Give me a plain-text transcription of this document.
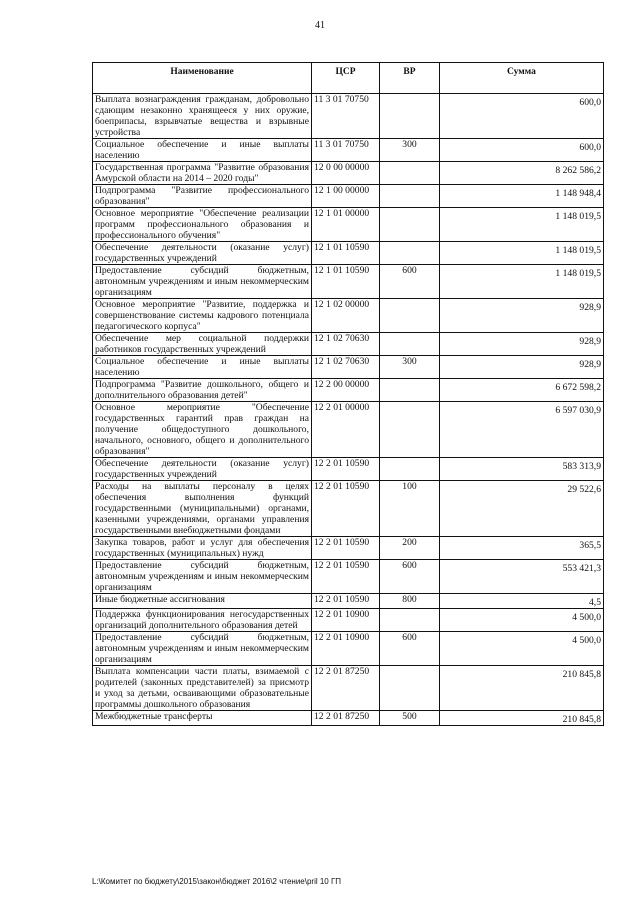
41
Наименование	ЦСР	ВР	Сумма
Выплата вознаграждения гражданам, добровольно сдающим незаконно хранящееся у них оружие, боеприпасы, взрывчатые вещества и взрывные устройства	11 3 01 70750		600,0
Социальное обеспечение и иные выплаты населению	11 3 01 70750	300	600,0
Государственная программа "Развитие образования Амурской области на 2014 – 2020 годы"	12 0 00 00000		8 262 586,2
Подпрограмма "Развитие профессионального образования"	12 1 00 00000		1 148 948,4
Основное мероприятие "Обеспечение реализации программ профессионального образования и профессионального обучения"	12 1 01 00000		1 148 019,5
Обеспечение деятельности (оказание услуг) государственных учреждений	12 1 01 10590		1 148 019,5
Предоставление субсидий бюджетным, автономным учреждениям и иным некоммерческим организациям	12 1 01 10590	600	1 148 019,5
Основное мероприятие "Развитие, поддержка и совершенствование системы кадрового потенциала педагогического корпуса"	12 1 02 00000		928,9
Обеспечение мер социальной поддержки работников государственных учреждений	12 1 02 70630		928,9
Социальное обеспечение и иные выплаты населению	12 1 02 70630	300	928,9
Подпрограмма "Развитие дошкольного, общего и дополнительного образования детей"	12 2 00 00000		6 672 598,2
Основное мероприятие "Обеспечение государственных гарантий прав граждан на получение общедоступного дошкольного, начального, основного, общего и дополнительного образования"	12 2 01 00000		6 597 030,9
Обеспечение деятельности (оказание услуг) государственных учреждений	12 2 01 10590		583 313,9
Расходы на выплаты персоналу в целях обеспечения выполнения функций государственными (муниципальными) органами, казенными учреждениями, органами управления государственными внебюджетными фондами	12 2 01 10590	100	29 522,6
Закупка товаров, работ и услуг для обеспечения государственных (муниципальных) нужд	12 2 01 10590	200	365,5
Предоставление субсидий бюджетным, автономным учреждениям и иным некоммерческим организациям	12 2 01 10590	600	553 421,3
Иные бюджетные ассигнования	12 2 01 10590	800	4,5
Поддержка функционирования негосударственных организаций дополнительного образования детей	12 2 01 10900		4 500,0
Предоставление субсидий бюджетным, автономным учреждениям и иным некоммерческим организациям	12 2 01 10900	600	4 500,0
Выплата компенсации части платы, взимаемой с родителей (законных представителей) за присмотр и уход за детьми, осваивающими образовательные программы дошкольного образования	12 2 01 87250		210 845,8
Межбюджетные трансферты	12 2 01 87250	500	210 845,8
L:\Комитет по бюджету\2015\закон\бюджет 2016\2 чтение\pril 10 ГП
